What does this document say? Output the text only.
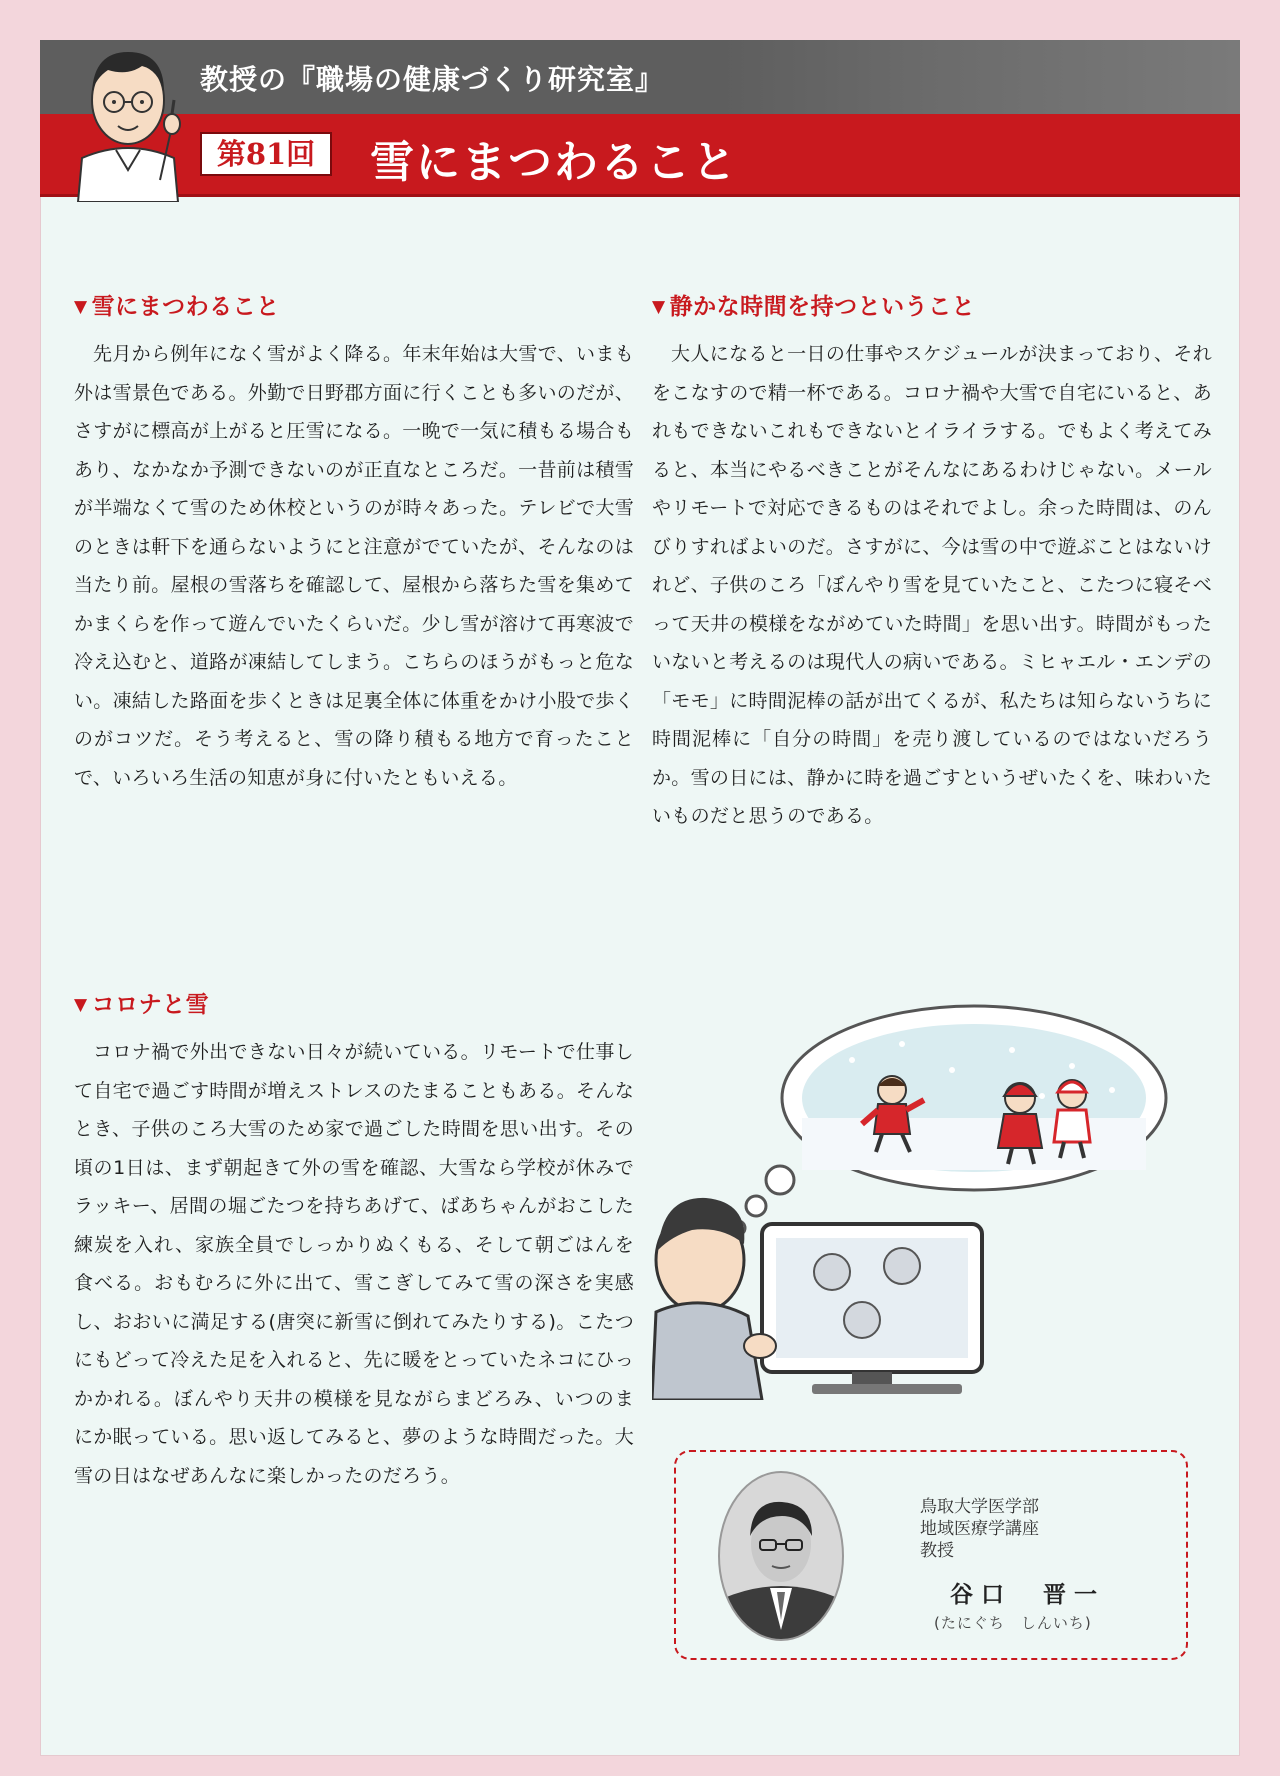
教授の『職場の健康づくり研究室』
第81回	雪にまつわること
▼ 雪にまつわること

先月から例年になく雪がよく降る。年末年始は大雪で、いまも外は雪景色である。外勤で日野郡方面に行くことも多いのだが、さすがに標高が上がると圧雪になる。一晩で一気に積もる場合もあり、なかなか予測できないのが正直なところだ。一昔前は積雪が半端なくて雪のため休校というのが時々あった。テレビで大雪のときは軒下を通らないようにと注意がでていたが、そんなのは当たり前。屋根の雪落ちを確認して、屋根から落ちた雪を集めてかまくらを作って遊んでいたくらいだ。少し雪が溶けて再寒波で冷え込むと、道路が凍結してしまう。こちらのほうがもっと危ない。凍結した路面を歩くときは足裏全体に体重をかけ小股で歩くのがコツだ。そう考えると、雪の降り積もる地方で育ったことで、いろいろ生活の知恵が身に付いたともいえる。

▼ 静かな時間を持つということ

大人になると一日の仕事やスケジュールが決まっており、それをこなすので精一杯である。コロナ禍や大雪で自宅にいると、あれもできないこれもできないとイライラする。でもよく考えてみると、本当にやるべきことがそんなにあるわけじゃない。メールやリモートで対応できるものはそれでよし。余った時間は、のんびりすればよいのだ。さすがに、今は雪の中で遊ぶことはないけれど、子供のころ「ぼんやり雪を見ていたこと、こたつに寝そべって天井の模様をながめていた時間」を思い出す。時間がもったいないと考えるのは現代人の病いである。ミヒャエル・エンデの「モモ」に時間泥棒の話が出てくるが、私たちは知らないうちに時間泥棒に「自分の時間」を売り渡しているのではないだろうか。雪の日には、静かに時を過ごすというぜいたくを、味わいたいものだと思うのである。

▼ コロナと雪

コロナ禍で外出できない日々が続いている。リモートで仕事して自宅で過ごす時間が増えストレスのたまることもある。そんなとき、子供のころ大雪のため家で過ごした時間を思い出す。その頃の1日は、まず朝起きて外の雪を確認、大雪なら学校が休みでラッキー、居間の堀ごたつを持ちあげて、ばあちゃんがおこした練炭を入れ、家族全員でしっかりぬくもる、そして朝ごはんを食べる。おもむろに外に出て、雪こぎしてみて雪の深さを実感し、おおいに満足する(唐突に新雪に倒れてみたりする)。こたつにもどって冷えた足を入れると、先に暖をとっていたネコにひっかかれる。ぼんやり天井の模様を見ながらまどろみ、いつのまにか眠っている。思い返してみると、夢のような時間だった。大雪の日はなぜあんなに楽しかったのだろう。

鳥取大学医学部
地域医療学講座
教授
谷口　晋一
(たにぐち　しんいち)
